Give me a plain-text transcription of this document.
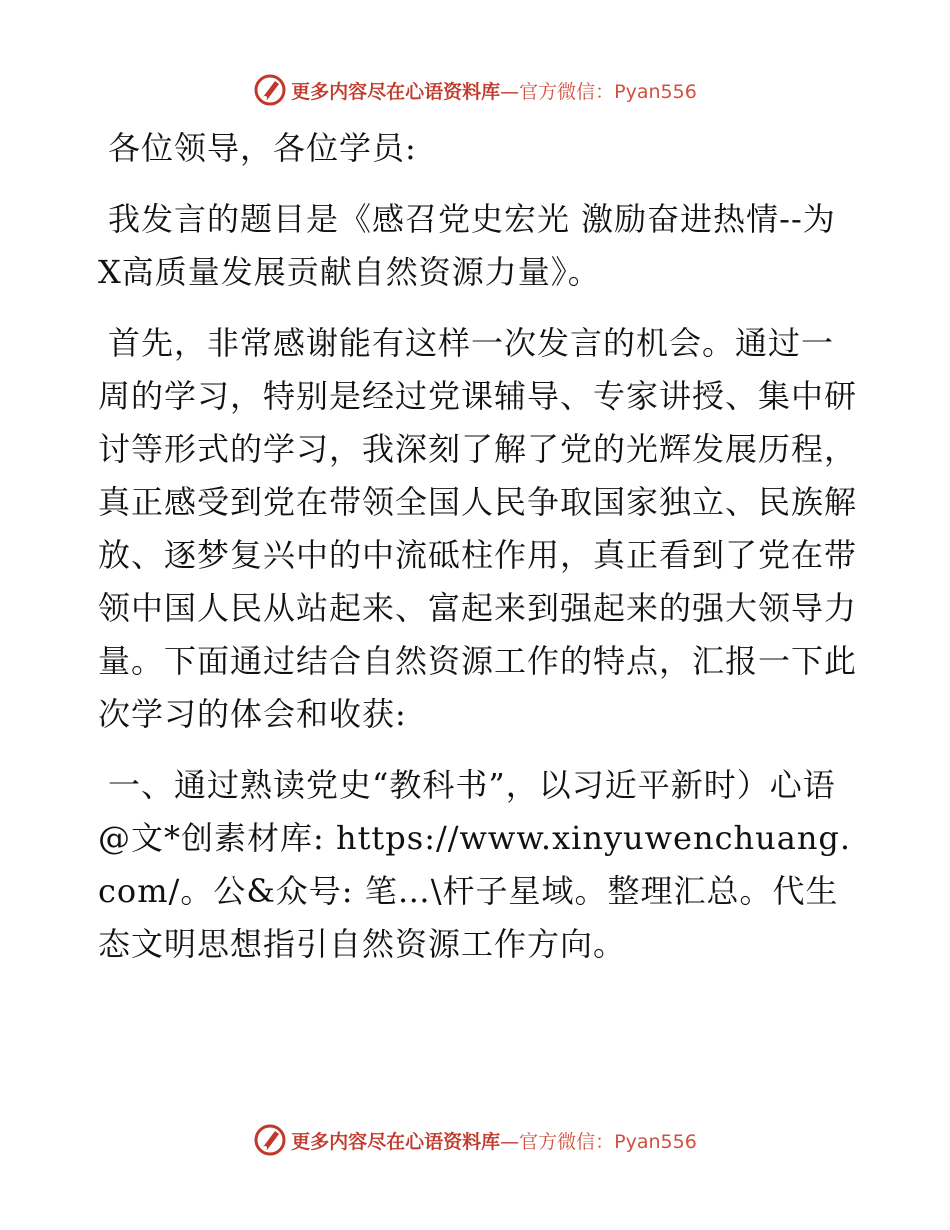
更多内容尽在心语资料库—官方微信：Pyan556

各位领导，各位学员:

我发言的题目是《感召党史宏光 激励奋进热情--为X高质量发展贡献自然资源力量》。

首先，非常感谢能有这样一次发言的机会。通过一周的学习，特别是经过党课辅导、专家讲授、集中研讨等形式的学习，我深刻了解了党的光辉发展历程，真正感受到党在带领全国人民争取国家独立、民族解放、逐梦复兴中的中流砥柱作用，真正看到了党在带领中国人民从站起来、富起来到强起来的强大领导力量。下面通过结合自然资源工作的特点，汇报一下此次学习的体会和收获:

一、通过熟读党史“教科书”，以习近平新时）心语@文*创素材库: https://www.xinyuwenchuang.com/。公&众号: 笔…\杆子星域。整理汇总。代生态文明思想指引自然资源工作方向。

更多内容尽在心语资料库—官方微信：Pyan556
